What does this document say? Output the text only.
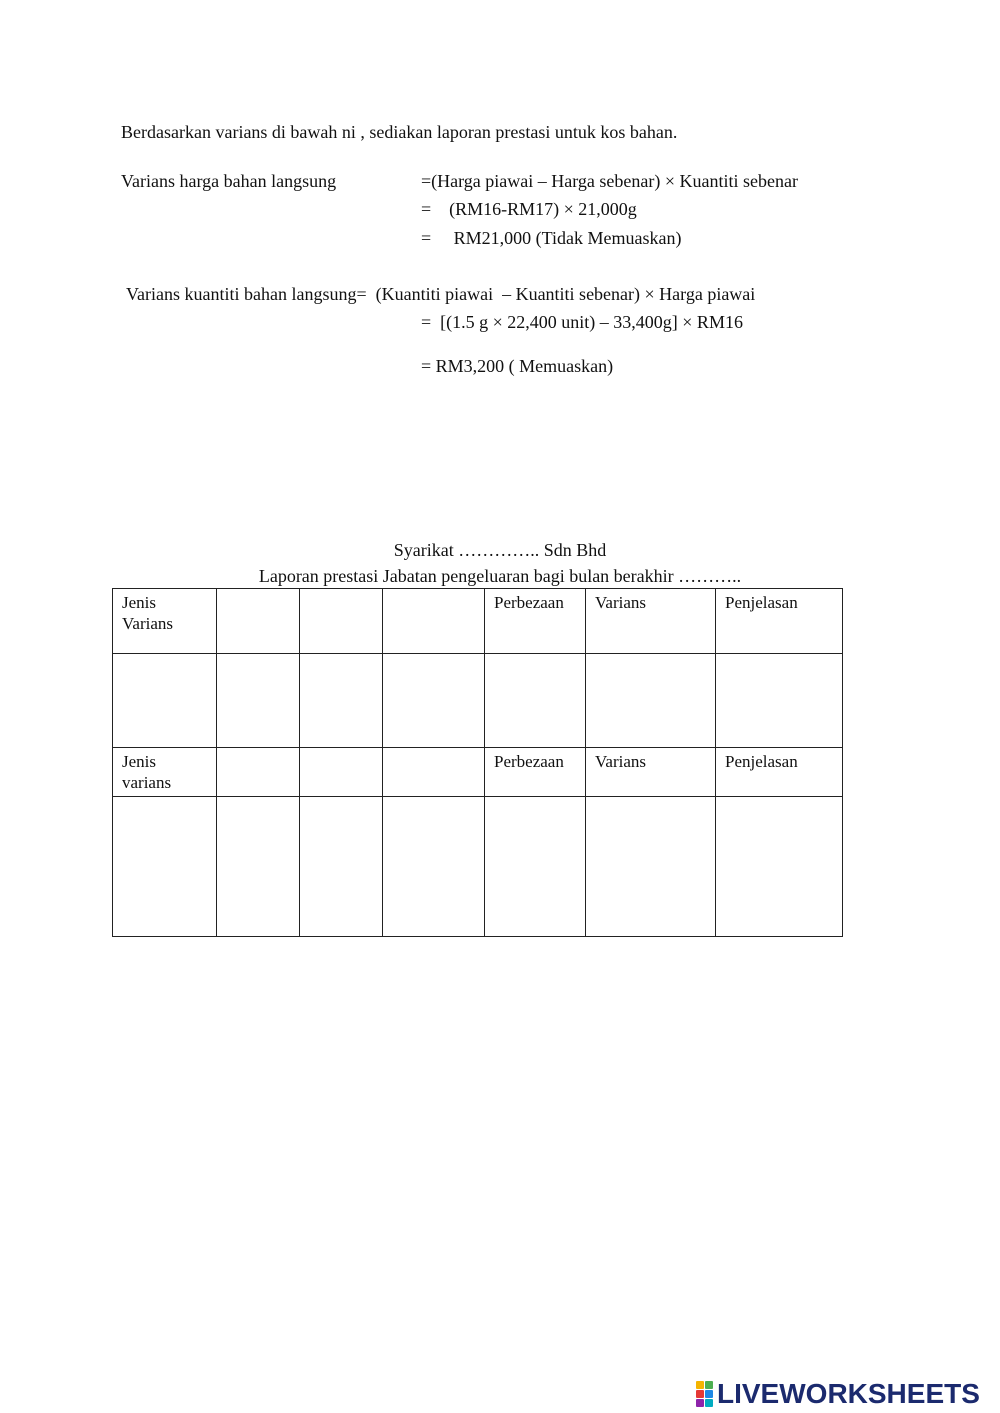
Berdasarkan varians di bawah ni , sediakan laporan prestasi untuk kos bahan.
Varians harga bahan langsung	=(Harga piawai – Harga sebenar) × Kuantiti sebenar
=    (RM16-RM17) × 21,000g
=     RM21,000 (Tidak Memuaskan)
Varians kuantiti bahan langsung=  (Kuantiti piawai  – Kuantiti sebenar) × Harga piawai
=  [(1.5 g × 22,400 unit) – 33,400g] × RM16
= RM3,200 ( Memuaskan)
Syarikat ………….. Sdn Bhd
Laporan prestasi Jabatan pengeluaran bagi bulan berakhir ………..
Jenis
Varians				Perbezaan	Varians	Penjelasan

Jenis
varians				Perbezaan	Varians	Penjelasan

LIVEWORKSHEETS
